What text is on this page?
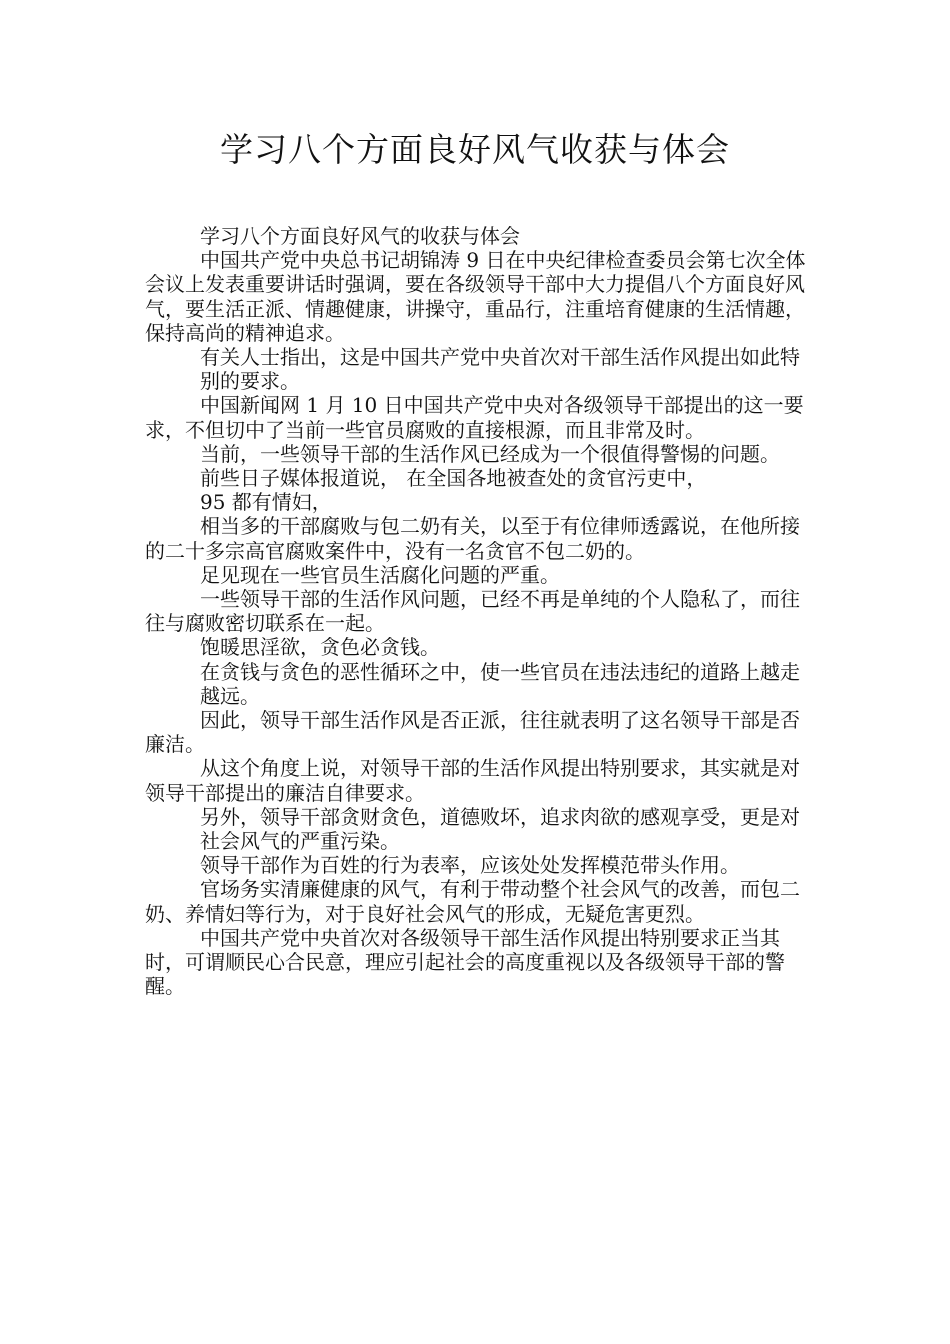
学习八个方面良好风气收获与体会

学习八个方面良好风气的收获与体会

中国共产党中央总书记胡锦涛 9 日在中央纪律检查委员会第七次全体会议上发表重要讲话时强调，要在各级领导干部中大力提倡八个方面良好风气，要生活正派、情趣健康，讲操守，重品行，注重培育健康的生活情趣，保持高尚的精神追求。

有关人士指出，这是中国共产党中央首次对干部生活作风提出如此特

别的要求。

中国新闻网 1 月 10 日中国共产党中央对各级领导干部提出的这一要求，不但切中了当前一些官员腐败的直接根源，而且非常及时。

当前，一些领导干部的生活作风已经成为一个很值得警惕的问题。

前些日子媒体报道说， 在全国各地被查处的贪官污吏中，

95 都有情妇，

相当多的干部腐败与包二奶有关，以至于有位律师透露说，在他所接的二十多宗高官腐败案件中，没有一名贪官不包二奶的。

足见现在一些官员生活腐化问题的严重。

一些领导干部的生活作风问题，已经不再是单纯的个人隐私了，而往往与腐败密切联系在一起。

饱暖思淫欲，贪色必贪钱。

在贪钱与贪色的恶性循环之中，使一些官员在违法违纪的道路上越走

越远。

因此，领导干部生活作风是否正派，往往就表明了这名领导干部是否廉洁。

从这个角度上说，对领导干部的生活作风提出特别要求，其实就是对领导干部提出的廉洁自律要求。

另外，领导干部贪财贪色，道德败坏，追求肉欲的感观享受，更是对

社会风气的严重污染。

领导干部作为百姓的行为表率，应该处处发挥模范带头作用。

官场务实清廉健康的风气，有利于带动整个社会风气的改善，而包二奶、养情妇等行为，对于良好社会风气的形成，无疑危害更烈。

中国共产党中央首次对各级领导干部生活作风提出特别要求正当其时，可谓顺民心合民意，理应引起社会的高度重视以及各级领导干部的警醒。
